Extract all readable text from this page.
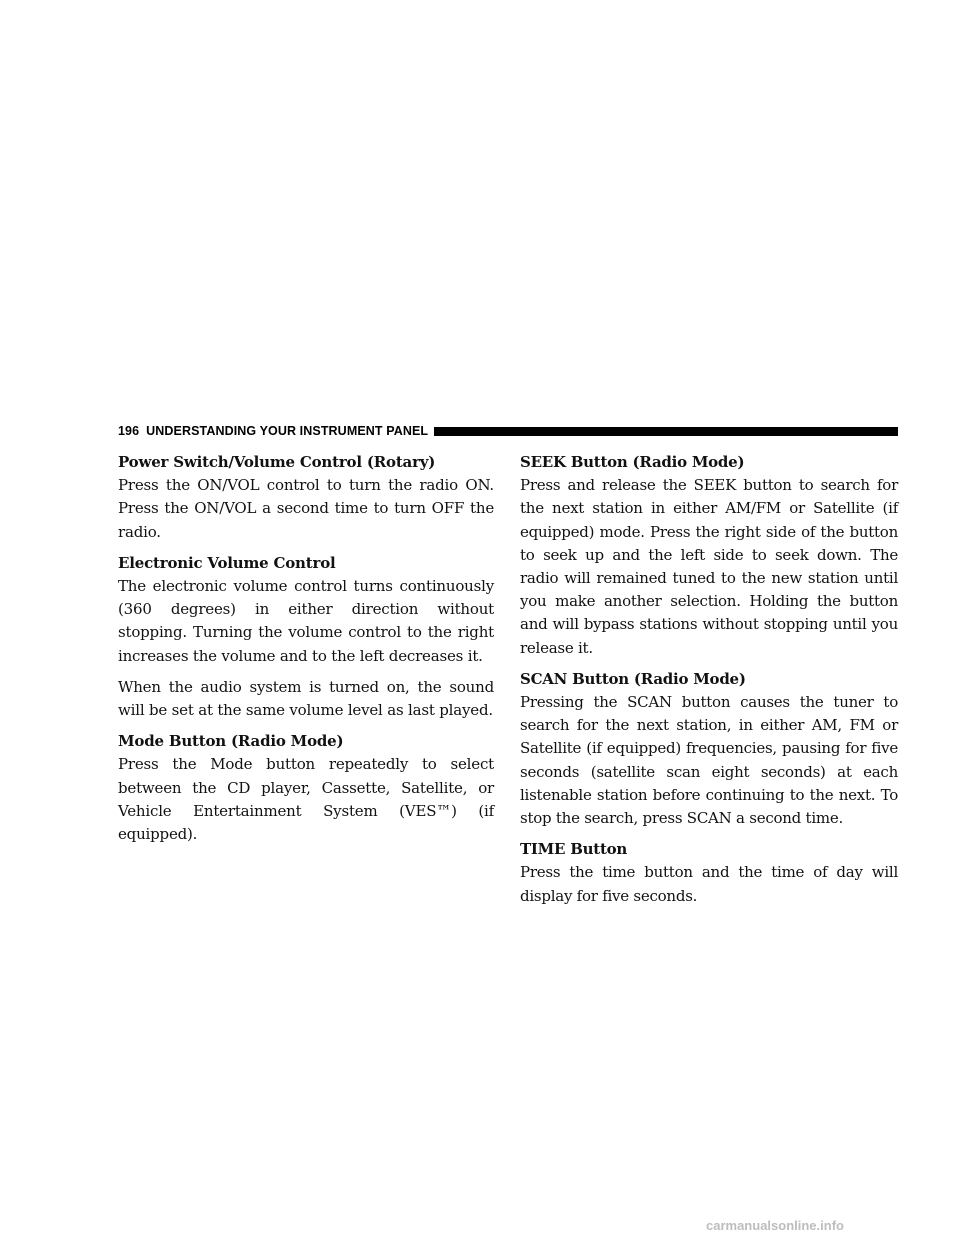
196 UNDERSTANDING YOUR INSTRUMENT PANEL

Power Switch/Volume Control (Rotary)

Press the ON/VOL control to turn the radio ON. Press the ON/VOL a second time to turn OFF the radio.

Electronic Volume Control

The electronic volume control turns continuously (360 degrees) in either direction without stopping. Turning the volume control to the right increases the volume and to the left decreases it.

When the audio system is turned on, the sound will be set at the same volume level as last played.

Mode Button (Radio Mode)

Press the Mode button repeatedly to select between the CD player, Cassette, Satellite, or Vehicle Entertainment System (VES™) (if equipped).

SEEK Button (Radio Mode)

Press and release the SEEK button to search for the next station in either AM/FM or Satellite (if equipped) mode. Press the right side of the button to seek up and the left side to seek down. The radio will remained tuned to the new station until you make another selection. Holding the button and will bypass stations without stopping until you release it.

SCAN Button (Radio Mode)

Pressing the SCAN button causes the tuner to search for the next station, in either AM, FM or Satellite (if equipped) frequencies, pausing for five seconds (satellite scan eight seconds) at each listenable station before continuing to the next. To stop the search, press SCAN a second time.

TIME Button

Press the time button and the time of day will display for five seconds.

carmanualsonline.info
